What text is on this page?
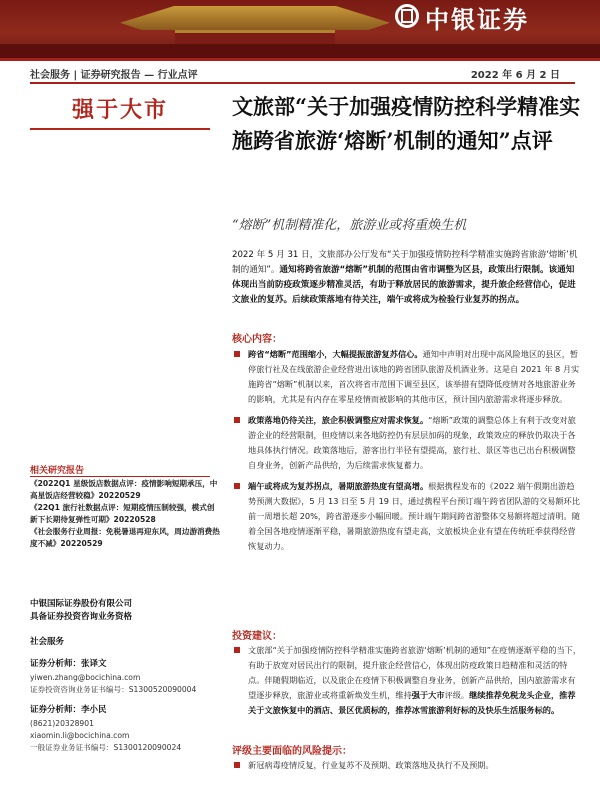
中银证券
社会服务 | 证券研究报告 — 行业点评	2022 年 6 月 2 日
强于大市	文旅部“关于加强疫情防控科学精准实施跨省旅游‘熔断’机制的通知”点评
“熔断”机制精准化，旅游业或将重焕生机
2022 年 5 月 31 日，文旅部办公厅发布“关于加强疫情防控科学精准实施跨省旅游‘熔断’机制的通知”。通知将跨省旅游“熔断”机制的范围由省市调整为区县，政策出行限制。该通知体现出当前防疫政策逐步精准灵活，有助于释放居民的旅游需求，提升旅企经营信心，促进文旅业的复苏。后续政策落地有待关注，端午或将成为检验行业复苏的拐点。
核心内容：
跨省“熔断”范围缩小，大幅提振旅游复苏信心。通知中声明对出现中高风险地区的县区，暂停旅行社及在线旅游企业经营进出该地的跨省团队旅游及机酒业务。这是自 2021 年 8 月实施跨省“熔断”机制以来，首次将省市范围下调至县区，该举措有望降低疫情对各地旅游业务的影响，尤其是有内存在零星疫情而被影响的其他市区，预计国内旅游需求将逐步释放。
政策落地仍待关注，旅企积极调整应对需求恢复。“熔断”政策的调整总体上有利于改变对旅游企业的经营限制，但疫情以来各地防控仍有层层加码的现象，政策效应的释放仍取决于各地具体执行情况。政策落地后，游客出行半径有望提高，旅行社、景区等也已出台积极调整自身业务，创新产品供给，为后续需求恢复蓄力。
端午或将成为复苏拐点，暑期旅游热度有望高增。根据携程发布的《2022 端午假期出游趋势预测大数据》，5 月 13 日至 5 月 19 日，通过携程平台预订端午跨省团队游的交易额环比前一周增长超 20%，跨省游逐步小幅回暖。预计端午期间跨省游整体交易额将超过清明。随着全国各地疫情逐渐平稳，暑期旅游热度有望走高，文旅板块企业有望在传统旺季获得经营恢复动力。
投资建议：
文旅部“关于加强疫情防控科学精准实施跨省旅游‘熔断’机制的通知”在疫情逐渐平稳的当下，有助于放宽对居民出行的限制，提升旅企经营信心，体现出防疫政策日趋精准和灵活的特点。伴随假期临近，以及旅企在疫情下积极调整自身业务，创新产品供给，国内旅游需求有望逐步释放，旅游业或将重新焕发生机，维持强于大市评级。继续推荐免税龙头企业，推荐关于文旅恢复中的酒店、景区优质标的，推荐冰雪旅游利好标的及快乐生活服务标的。
评级主要面临的风险提示：
新冠病毒疫情反复，行业复苏不及预期、政策落地及执行不及预期。
相关研究报告
《2022Q1 星级饭店数据点评：疫情影响短期承压，中高星饭店经营较稳》20220529
《22Q1 旅行社数据点评：短期疫情压制较强，模式创新下长期待复弹性可期》20220528
《社会服务行业周报：免税暑退再迎东风，周边游消费热度不减》20220529
中银国际证券股份有限公司
具备证券投资咨询业务资格
社会服务
证券分析师：张译文
yiwen.zhang@bocichina.com
证券投资咨询业务证书编号：S1300520090004
证券分析师：李小民
(8621)20328901
xiaomin.li@bocichina.com
一般证券业务证书编号：S1300120090024
